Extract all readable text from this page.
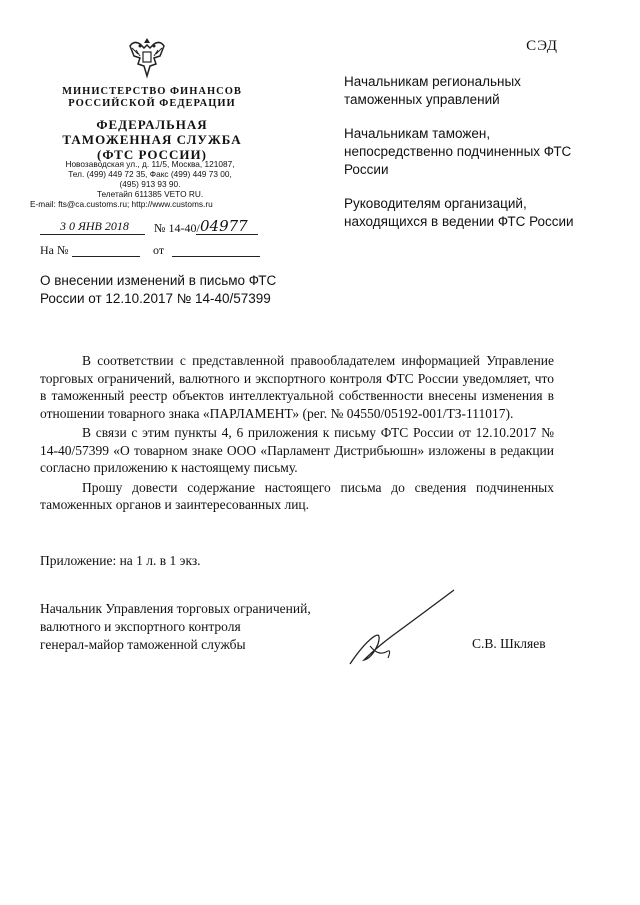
СЭД
МИНИСТЕРСТВО ФИНАНСОВ
РОССИЙСКОЙ ФЕДЕРАЦИИ
ФЕДЕРАЛЬНАЯ
ТАМОЖЕННАЯ СЛУЖБА
(ФТС РОССИИ)
Новозаводская ул., д. 11/5, Москва, 121087,
Тел. (499) 449 72 35, Факс (499) 449 73 00,
(495) 913 93 90.
Телетайп 611385 VETO RU.
E-mail: fts@ca.customs.ru; http://www.customs.ru
3 0 ЯНВ 2018 № 14-40/ 04977
На №	от

Начальникам региональных таможенных управлений

Начальникам таможен, непосредственно подчиненных ФТС России

Руководителям организаций, находящихся в ведении ФТС России

О внесении изменений в письмо ФТС России от 12.10.2017 № 14-40/57399

В соответствии с представленной правообладателем информацией Управление торговых ограничений, валютного и экспортного контроля ФТС России уведомляет, что в таможенный реестр объектов интеллектуальной собственности внесены изменения в отношении товарного знака «ПАРЛАМЕНТ» (рег. № 04550/05192-001/ТЗ-111017).

В связи с этим пункты 4, 6 приложения к письму ФТС России от 12.10.2017 № 14-40/57399 «О товарном знаке ООО «Парламент Дистрибьюшн» изложены в редакции согласно приложению к настоящему письму.

Прошу довести содержание настоящего письма до сведения подчиненных таможенных органов и заинтересованных лиц.

Приложение: на 1 л. в 1 экз.
Начальник Управления торговых ограничений,
валютного и экспортного контроля
генерал-майор таможенной службы	С.В. Шкляев
